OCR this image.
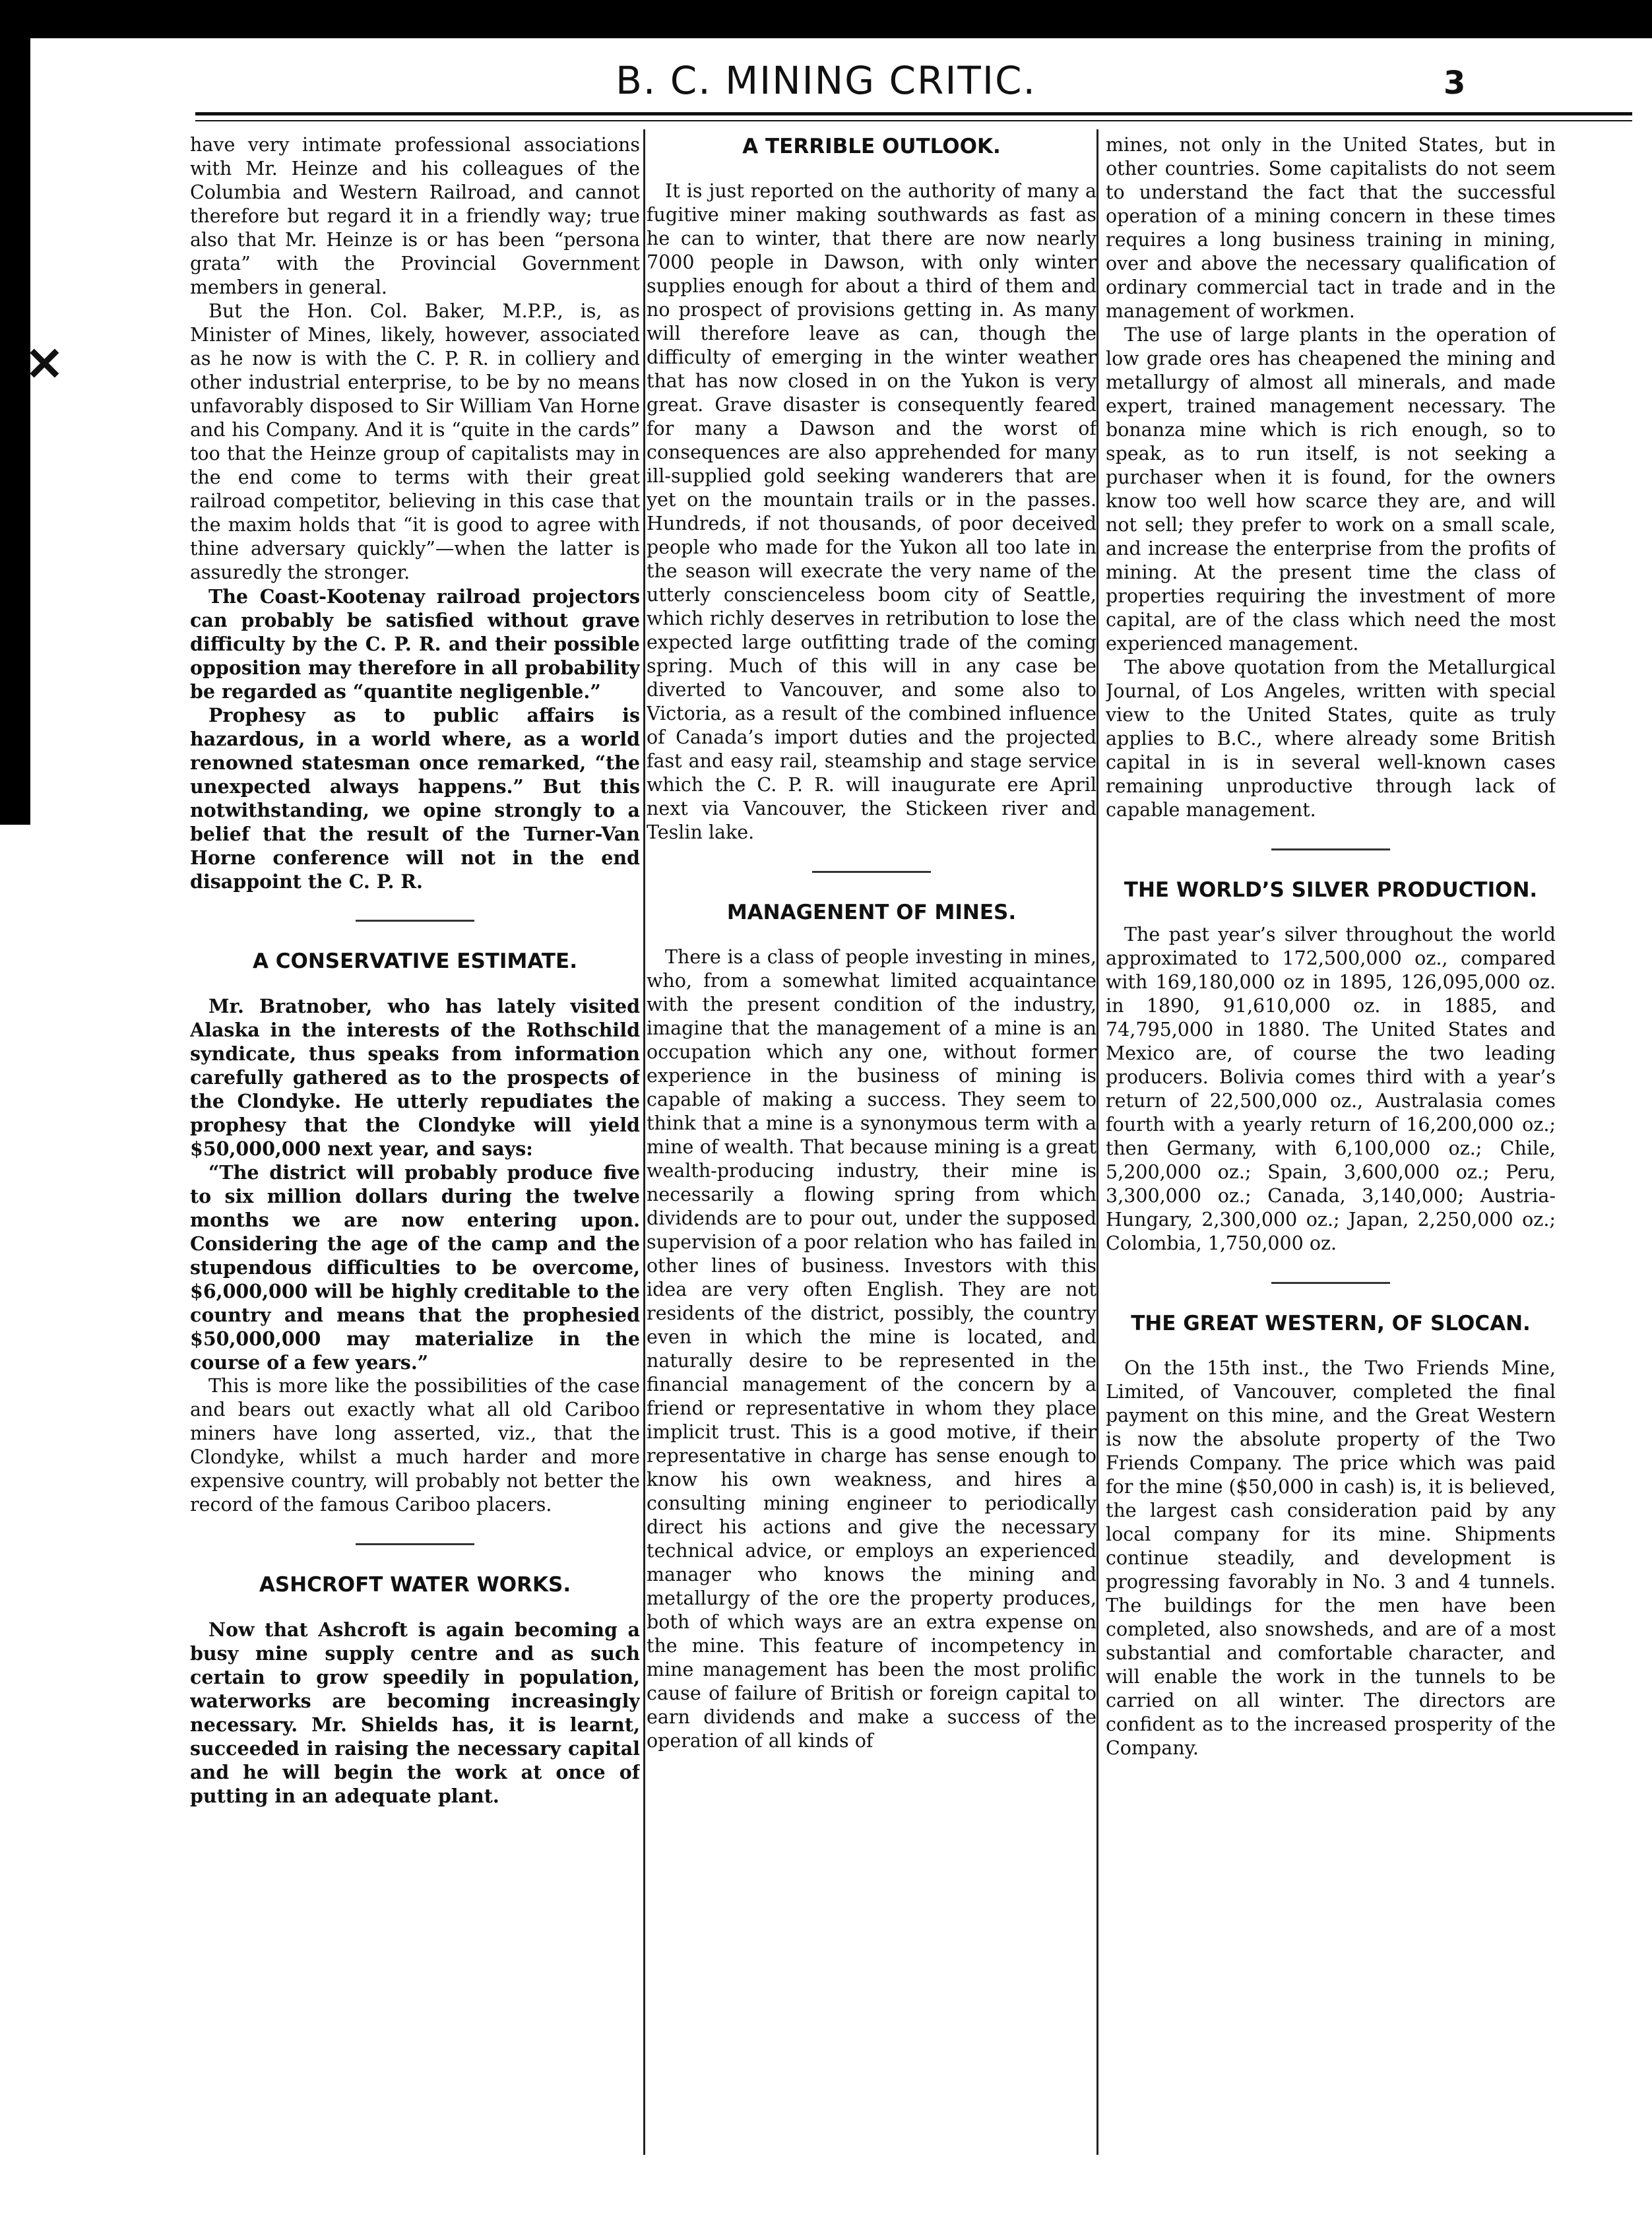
✕
B. C. MINING CRITIC.	3

have very intimate professional associations with Mr. Heinze and his colleagues of the Columbia and Western Railroad, and cannot therefore but regard it in a friendly way; true also that Mr. Heinze is or has been “persona grata” with the Provincial Government members in general.

But the Hon. Col. Baker, M.P.P., is, as Minister of Mines, likely, however, associated as he now is with the C. P. R. in colliery and other industrial enterprise, to be by no means unfavorably disposed to Sir William Van Horne and his Company. And it is “quite in the cards” too that the Heinze group of capitalists may in the end come to terms with their great railroad competitor, believing in this case that the maxim holds that “it is good to agree with thine adversary quickly”—when the latter is assuredly the stronger.

The Coast-Kootenay railroad projectors can probably be satisfied without grave difficulty by the C. P. R. and their possible opposition may therefore in all probability be regarded as “quantite negligenble.”

Prophesy as to public affairs is hazardous, in a world where, as a world renowned statesman once remarked, “the unexpected always happens.” But this notwithstanding, we opine strongly to a belief that the result of the Turner-Van Horne conference will not in the end disappoint the C. P. R.

A CONSERVATIVE ESTIMATE.

Mr. Bratnober, who has lately visited Alaska in the interests of the Rothschild syndicate, thus speaks from information carefully gathered as to the prospects of the Clondyke. He utterly repudiates the prophesy that the Clondyke will yield $50,000,000 next year, and says:

“The district will probably produce five to six million dollars during the twelve months we are now entering upon. Considering the age of the camp and the stupendous difficulties to be overcome, $6,000,000 will be highly creditable to the country and means that the prophesied $50,000,000 may materialize in the course of a few years.”

This is more like the possibilities of the case and bears out exactly what all old Cariboo miners have long asserted, viz., that the Clondyke, whilst a much harder and more expensive country, will probably not better the record of the famous Cariboo placers.

ASHCROFT WATER WORKS.

Now that Ashcroft is again becoming a busy mine supply centre and as such certain to grow speedily in population, waterworks are becoming increasingly necessary. Mr. Shields has, it is learnt, succeeded in raising the necessary capital and he will begin the work at once of putting in an adequate plant.

A TERRIBLE OUTLOOK.

It is just reported on the authority of many a fugitive miner making southwards as fast as he can to winter, that there are now nearly 7000 people in Dawson, with only winter supplies enough for about a third of them and no prospect of provisions getting in. As many will therefore leave as can, though the difficulty of emerging in the winter weather that has now closed in on the Yukon is very great. Grave disaster is consequently feared for many a Dawson and the worst of consequences are also apprehended for many ill-supplied gold seeking wanderers that are yet on the mountain trails or in the passes. Hundreds, if not thousands, of poor deceived people who made for the Yukon all too late in the season will execrate the very name of the utterly conscienceless boom city of Seattle, which richly deserves in retribution to lose the expected large outfitting trade of the coming spring. Much of this will in any case be diverted to Vancouver, and some also to Victoria, as a result of the combined influence of Canada’s import duties and the projected fast and easy rail, steamship and stage service which the C. P. R. will inaugurate ere April next via Vancouver, the Stickeen river and Teslin lake.

MANAGENENT OF MINES.

There is a class of people investing in mines, who, from a somewhat limited acquaintance with the present condition of the industry, imagine that the management of a mine is an occupation which any one, without former experience in the business of mining is capable of making a success. They seem to think that a mine is a synonymous term with a mine of wealth. That because mining is a great wealth-producing industry, their mine is necessarily a flowing spring from which dividends are to pour out, under the supposed supervision of a poor relation who has failed in other lines of business. Investors with this idea are very often English. They are not residents of the district, possibly, the country even in which the mine is located, and naturally desire to be represented in the financial management of the concern by a friend or representative in whom they place implicit trust. This is a good motive, if their representative in charge has sense enough to know his own weakness, and hires a consulting mining engineer to periodically direct his actions and give the necessary technical advice, or employs an experienced manager who knows the mining and metallurgy of the ore the property produces, both of which ways are an extra expense on the mine. This feature of incompetency in mine management has been the most prolific cause of failure of British or foreign capital to earn dividends and make a success of the operation of all kinds of

mines, not only in the United States, but in other countries. Some capitalists do not seem to understand the fact that the successful operation of a mining concern in these times requires a long business training in mining, over and above the necessary qualification of ordinary commercial tact in trade and in the management of workmen.

The use of large plants in the operation of low grade ores has cheapened the mining and metallurgy of almost all minerals, and made expert, trained management necessary. The bonanza mine which is rich enough, so to speak, as to run itself, is not seeking a purchaser when it is found, for the owners know too well how scarce they are, and will not sell; they prefer to work on a small scale, and increase the enterprise from the profits of mining. At the present time the class of properties requiring the investment of more capital, are of the class which need the most experienced management.

The above quotation from the Metallurgical Journal, of Los Angeles, written with special view to the United States, quite as truly applies to B.C., where already some British capital in is in several well-known cases remaining unproductive through lack of capable management.

THE WORLD’S SILVER PRODUCTION.

The past year’s silver throughout the world approximated to 172,500,000 oz., compared with 169,180,000 oz in 1895, 126,095,000 oz. in 1890, 91,610,000 oz. in 1885, and 74,795,000 in 1880. The United States and Mexico are, of course the two leading producers. Bolivia comes third with a year’s return of 22,500,000 oz., Australasia comes fourth with a yearly return of 16,200,000 oz.; then Germany, with 6,100,000 oz.; Chile, 5,200,000 oz.; Spain, 3,600,000 oz.; Peru, 3,300,000 oz.; Canada, 3,140,000; Austria-Hungary, 2,300,000 oz.; Japan, 2,250,000 oz.; Colombia, 1,750,000 oz.

THE GREAT WESTERN, OF SLOCAN.

On the 15th inst., the Two Friends Mine, Limited, of Vancouver, completed the final payment on this mine, and the Great Western is now the absolute property of the Two Friends Company. The price which was paid for the mine ($50,000 in cash) is, it is believed, the largest cash consideration paid by any local company for its mine. Shipments continue steadily, and development is progressing favorably in No. 3 and 4 tunnels. The buildings for the men have been completed, also snowsheds, and are of a most substantial and comfortable character, and will enable the work in the tunnels to be carried on all winter. The directors are confident as to the increased prosperity of the Company.
